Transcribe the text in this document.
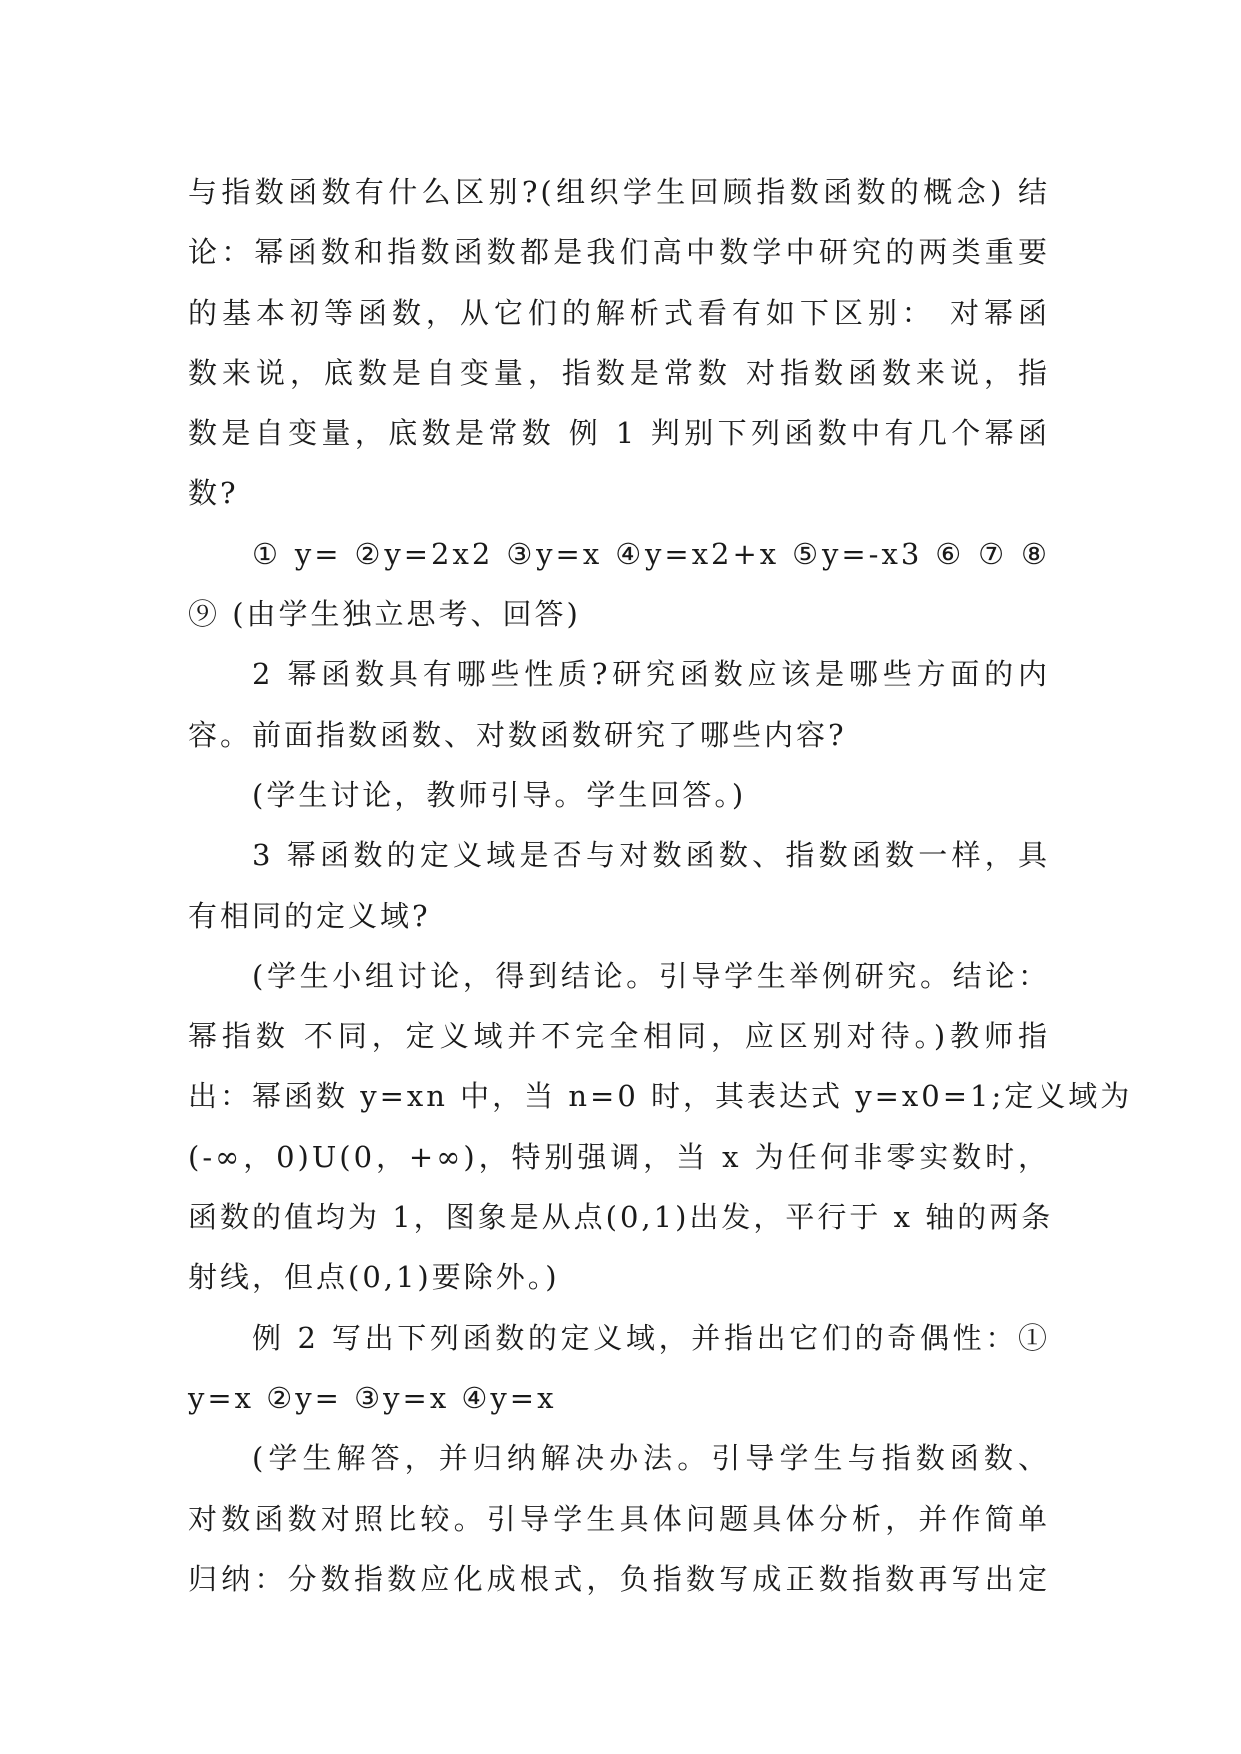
与指数函数有什么区别?(组织学生回顾指数函数的概念) 结
论：幂函数和指数函数都是我们高中数学中研究的两类重要
的基本初等函数，从它们的解析式看有如下区别： 对幂函
数来说，底数是自变量，指数是常数 对指数函数来说，指
数是自变量，底数是常数 例 1 判别下列函数中有几个幂函
数?
① y= ②y=2x2 ③y=x ④y=x2+x ⑤y=-x3 ⑥ ⑦ ⑧
⑨ (由学生独立思考、回答)
2 幂函数具有哪些性质?研究函数应该是哪些方面的内
容。前面指数函数、对数函数研究了哪些内容?
(学生讨论，教师引导。学生回答。)
3 幂函数的定义域是否与对数函数、指数函数一样，具
有相同的定义域?
(学生小组讨论，得到结论。引导学生举例研究。结论：
幂指数 不同，定义域并不完全相同，应区别对待。)教师指
出：幂函数 y=xn 中，当 n=0 时，其表达式 y=x0=1;定义域为
(-∞，0)U(0，+∞)，特别强调，当 x 为任何非零实数时，
函数的值均为 1，图象是从点(0,1)出发，平行于 x 轴的两条
射线，但点(0,1)要除外。)
例 2 写出下列函数的定义域，并指出它们的奇偶性：①
y=x ②y= ③y=x ④y=x
(学生解答，并归纳解决办法。引导学生与指数函数、
对数函数对照比较。引导学生具体问题具体分析，并作简单
归纳：分数指数应化成根式，负指数写成正数指数再写出定
